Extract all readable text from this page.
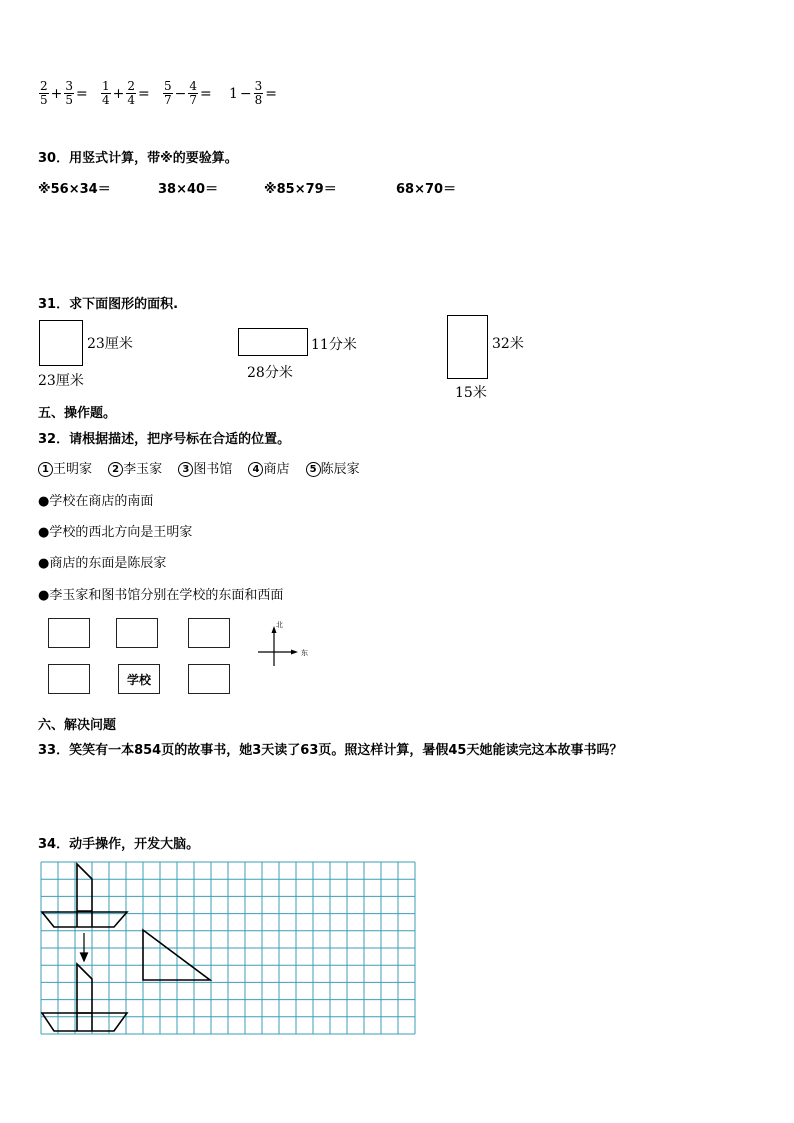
$\frac{2}{5} + \frac{3}{5} = \frac{1}{4} + \frac{2}{4} = \frac{5}{7} - \frac{4}{7} = 1 - \frac{3}{8}$ =
30．用竖式计算，带※的要验算。
※56×34＝	38×40＝	※85×79＝	68×70＝
31．求下面图形的面积.
23厘米
23厘米
11分米
28分米
32米
15米
五、操作题。
32．请根据描述，把序号标在合适的位置。
1 王明家 2 李玉家 3 图书馆 4 商店 5 陈辰家
●学校在商店的南面
●学校的西北方向是王明家
●商店的东面是陈辰家
●李玉家和图书馆分别在学校的东面和西面
学校
北
东
六、解决问题
33．笑笑有一本854页的故事书，她3天读了63页。照这样计算，暑假45天她能读完这本故事书吗？
34．动手操作，开发大脑。
